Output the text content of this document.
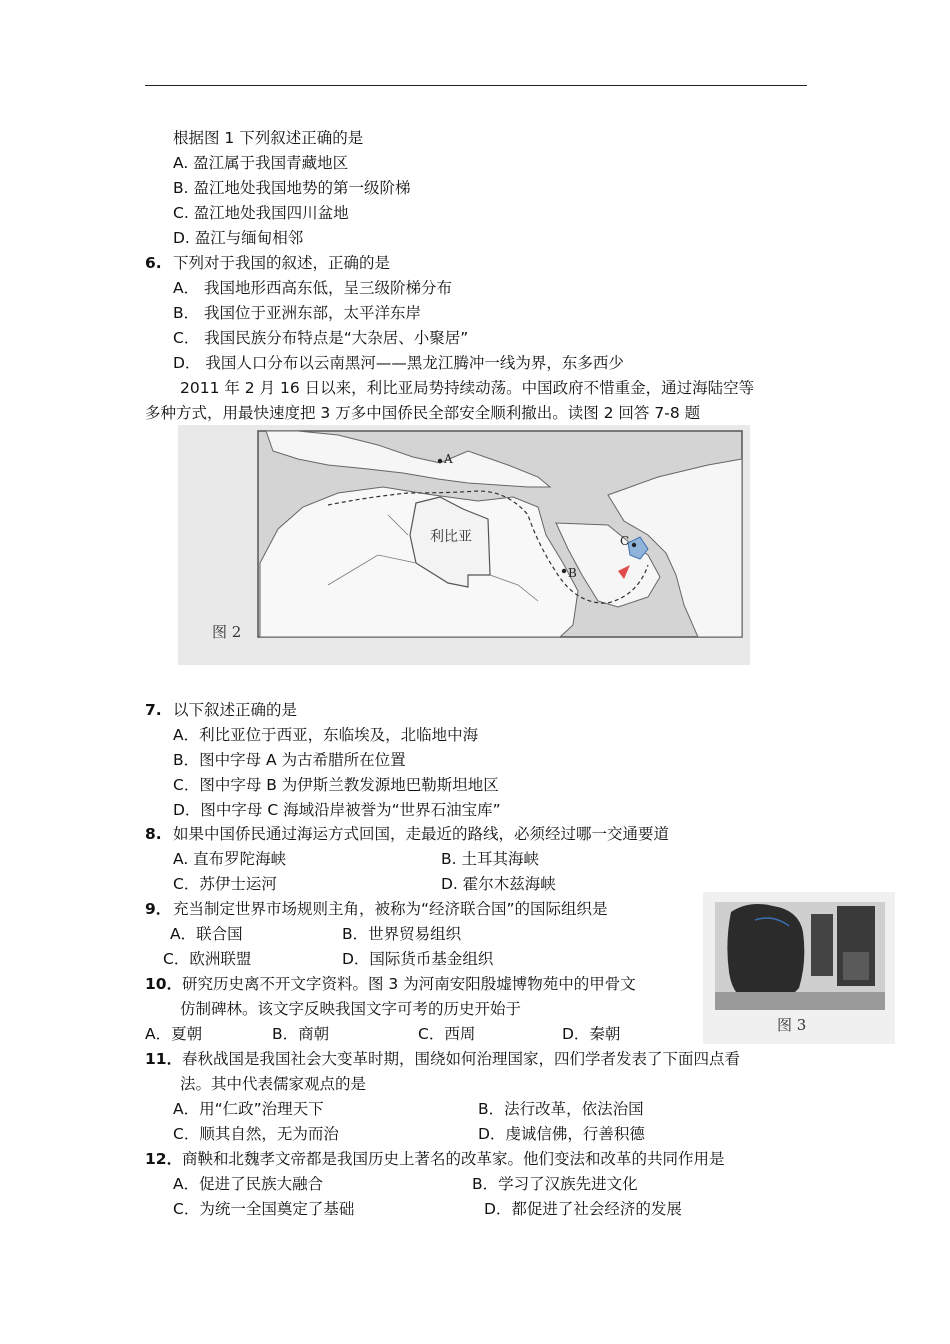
根据图 1 下列叙述正确的是
A. 盈江属于我国青藏地区
B. 盈江地处我国地势的第一级阶梯
C. 盈江地处我国四川盆地
D. 盈江与缅甸相邻
6. 下列对于我国的叙述，正确的是
A． 我国地形西高东低，呈三级阶梯分布
B． 我国位于亚洲东部，太平洋东岸
C． 我国民族分布特点是“大杂居、小聚居”
D． 我国人口分布以云南黑河——黑龙江腾冲一线为界，东多西少
2011 年 2 月 16 日以来，利比亚局势持续动荡。中国政府不惜重金，通过海陆空等
多种方式，用最快速度把 3 万多中国侨民全部安全顺利撤出。读图 2 回答 7-8 题
A
B
C
利比亚
图 2
7. 以下叙述正确的是
A．利比亚位于西亚，东临埃及，北临地中海
B．图中字母 A 为古希腊所在位置
C．图中字母 B 为伊斯兰教发源地巴勒斯坦地区
D．图中字母 C 海域沿岸被誉为“世界石油宝库”
8. 如果中国侨民通过海运方式回国，走最近的路线，必须经过哪一交通要道
A. 直布罗陀海峡	B. 土耳其海峡
C．苏伊士运河	D. 霍尔木兹海峡
图 3
9． 充当制定世界市场规则主角，被称为“经济联合国”的国际组织是
A．联合国	B．世界贸易组织
C．欧洲联盟	D．国际货币基金组织
10． 研究历史离不开文字资料。图 3 为河南安阳殷墟博物苑中的甲骨文
仿制碑林。该文字反映我国文字可考的历史开始于
A．夏朝	B．商朝	C．西周	D．秦朝
11． 春秋战国是我国社会大变革时期，围绕如何治理国家，四们学者发表了下面四点看
法。其中代表儒家观点的是
A．用“仁政”治理天下	B．法行改革，依法治国
C．顺其自然，无为而治	D．虔诚信佛，行善积德
12． 商鞅和北魏孝文帝都是我国历史上著名的改革家。他们变法和改革的共同作用是
A．促进了民族大融合	B．学习了汉族先进文化
C．为统一全国奠定了基础	D．都促进了社会经济的发展
